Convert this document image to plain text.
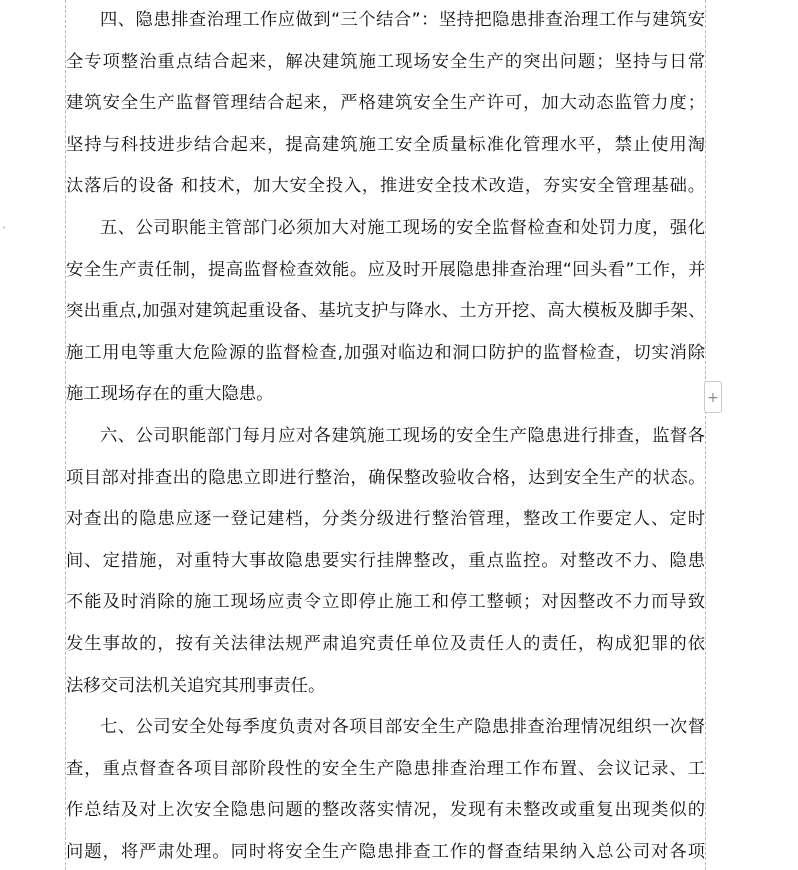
˅
四、隐患排查治理工作应做到“三个结合”：坚持把隐患排查治理工作与建筑安
全专项整治重点结合起来，解决建筑施工现场安全生产的突出问题；坚持与日常
建筑安全生产监督管理结合起来，严格建筑安全生产许可，加大动态监管力度；
坚持与科技进步结合起来，提高建筑施工安全质量标准化管理水平，禁止使用淘
汰落后的设备 和技术，加大安全投入，推进安全技术改造，夯实安全管理基础。
五、公司职能主管部门必须加大对施工现场的安全监督检查和处罚力度，强化
安全生产责任制，提高监督检查效能。应及时开展隐患排查治理“回头看”工作，并
突出重点,加强对建筑起重设备、基坑支护与降水、土方开挖、高大模板及脚手架、
施工用电等重大危险源的监督检查,加强对临边和洞口防护的监督检查，切实消除
施工现场存在的重大隐患。
六、公司职能部门每月应对各建筑施工现场的安全生产隐患进行排查，监督各
项目部对排查出的隐患立即进行整治，确保整改验收合格，达到安全生产的状态。
对查出的隐患应逐一登记建档，分类分级进行整治管理，整改工作要定人、定时
间、定措施，对重特大事故隐患要实行挂牌整改，重点监控。对整改不力、隐患
不能及时消除的施工现场应责令立即停止施工和停工整顿；对因整改不力而导致
发生事故的，按有关法律法规严肃追究责任单位及责任人的责任，构成犯罪的依
法移交司法机关追究其刑事责任。
七、公司安全处每季度负责对各项目部安全生产隐患排查治理情况组织一次督
查，重点督查各项目部阶段性的安全生产隐患排查治理工作布置、会议记录、工
作总结及对上次安全隐患问题的整改落实情况，发现有未整改或重复出现类似的
问题，将严肃处理。同时将安全生产隐患排查工作的督查结果纳入总公司对各项
+
